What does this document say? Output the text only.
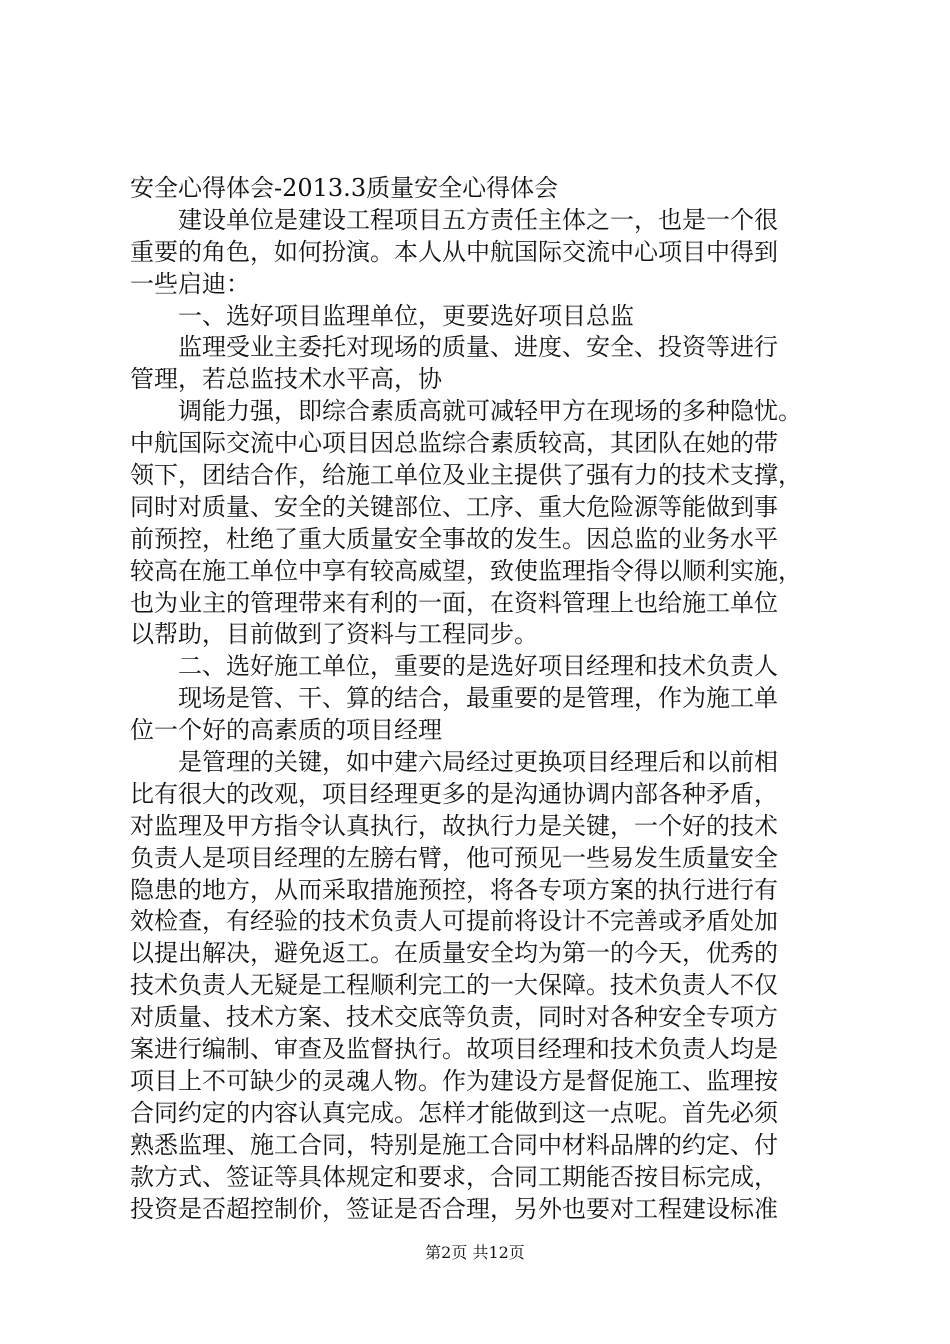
安全心得体会-2013.3质量安全心得体会
　　建设单位是建设工程项目五方责任主体之一，也是一个很
重要的角色，如何扮演。本人从中航国际交流中心项目中得到
一些启迪：
　　一、选好项目监理单位，更要选好项目总监
　　监理受业主委托对现场的质量、进度、安全、投资等进行
管理，若总监技术水平高，协
　　调能力强，即综合素质高就可减轻甲方在现场的多种隐忧。
中航国际交流中心项目因总监综合素质较高，其团队在她的带
领下，团结合作，给施工单位及业主提供了强有力的技术支撑，
同时对质量、安全的关键部位、工序、重大危险源等能做到事
前预控，杜绝了重大质量安全事故的发生。因总监的业务水平
较高在施工单位中享有较高威望，致使监理指令得以顺利实施，
也为业主的管理带来有利的一面，在资料管理上也给施工单位
以帮助，目前做到了资料与工程同步。
　　二、选好施工单位，重要的是选好项目经理和技术负责人
　　现场是管、干、算的结合，最重要的是管理，作为施工单
位一个好的高素质的项目经理
　　是管理的关键，如中建六局经过更换项目经理后和以前相
比有很大的改观，项目经理更多的是沟通协调内部各种矛盾，
对监理及甲方指令认真执行，故执行力是关键，一个好的技术
负责人是项目经理的左膀右臂，他可预见一些易发生质量安全
隐患的地方，从而采取措施预控，将各专项方案的执行进行有
效检查，有经验的技术负责人可提前将设计不完善或矛盾处加
以提出解决，避免返工。在质量安全均为第一的今天，优秀的
技术负责人无疑是工程顺利完工的一大保障。技术负责人不仅
对质量、技术方案、技术交底等负责，同时对各种安全专项方
案进行编制、审查及监督执行。故项目经理和技术负责人均是
项目上不可缺少的灵魂人物。作为建设方是督促施工、监理按
合同约定的内容认真完成。怎样才能做到这一点呢。首先必须
熟悉监理、施工合同，特别是施工合同中材料品牌的约定、付
款方式、签证等具体规定和要求，合同工期能否按目标完成，
投资是否超控制价，签证是否合理，另外也要对工程建设标准
第2页 共12页
